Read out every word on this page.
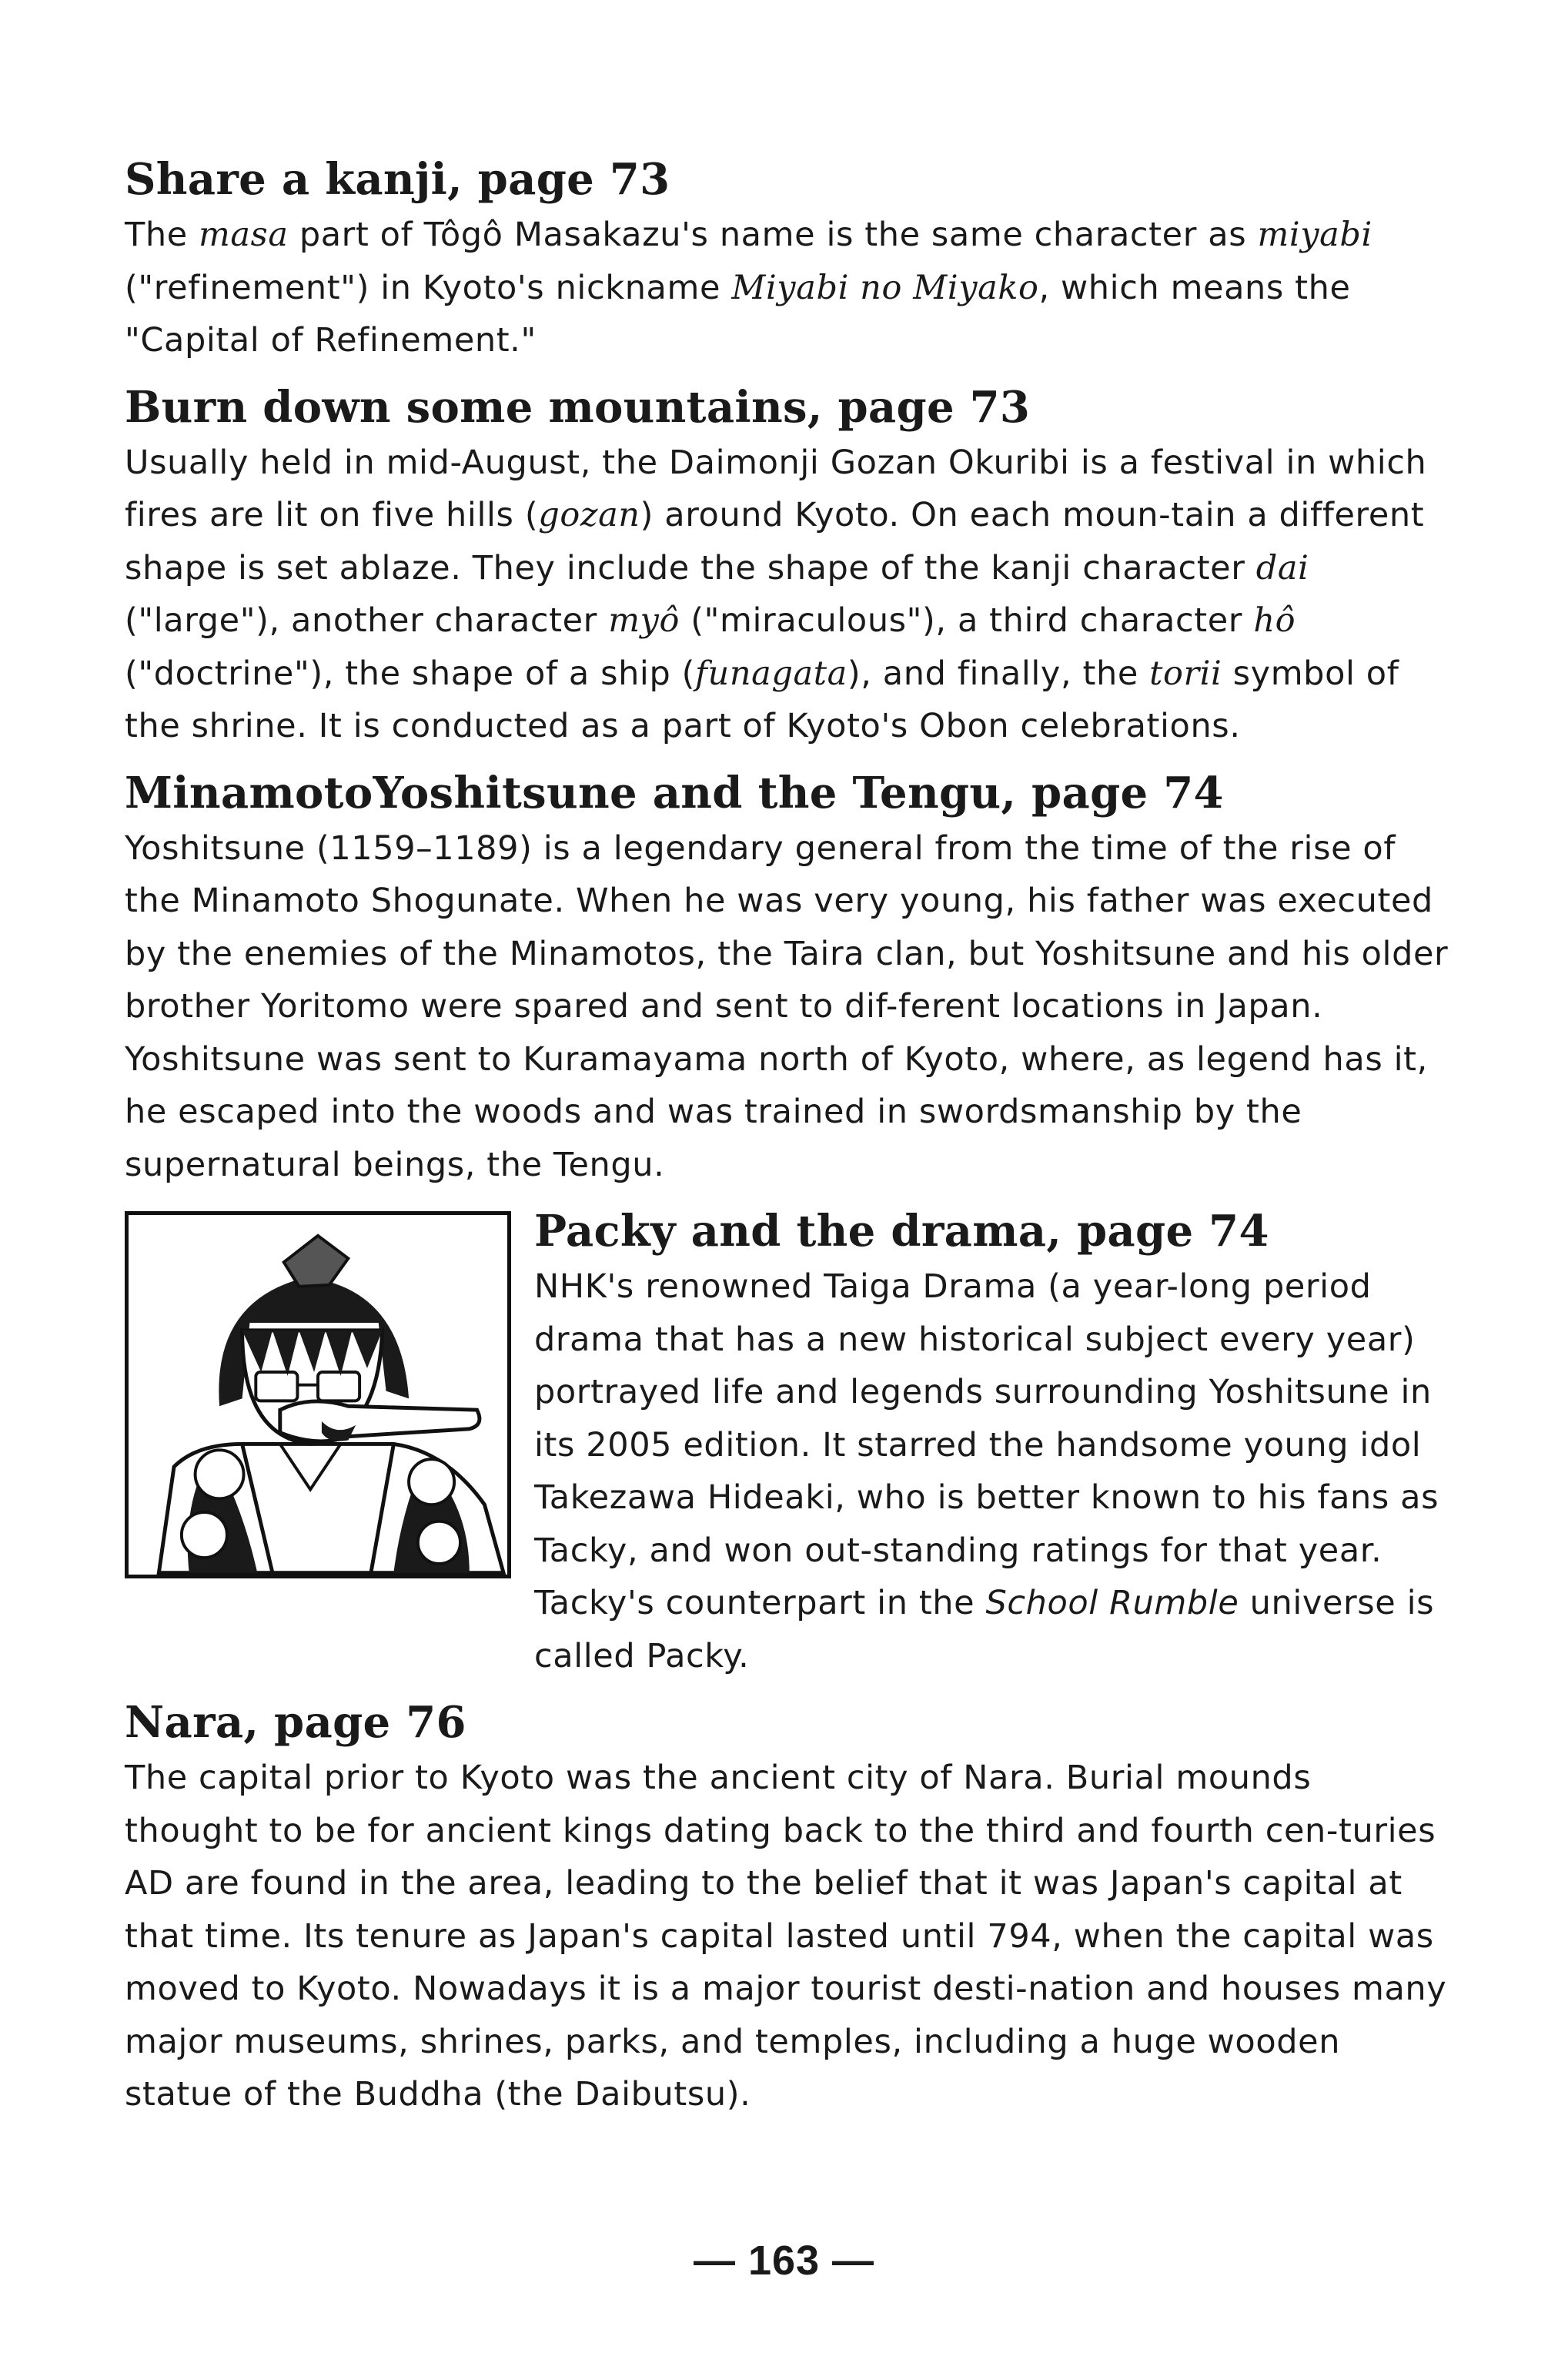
Share a kanji, page 73

The masa part of Tôgô Masakazu's name is the same character as miyabi ("refinement") in Kyoto's nickname Miyabi no Miyako, which means the "Capital of Refinement."

Burn down some mountains, page 73

Usually held in mid-August, the Daimonji Gozan Okuribi is a festival in which fires are lit on five hills (gozan) around Kyoto. On each moun-tain a different shape is set ablaze. They include the shape of the kanji character dai ("large"), another character myô ("miraculous"), a third character hô ("doctrine"), the shape of a ship (funagata), and finally, the torii symbol of the shrine. It is conducted as a part of Kyoto's Obon celebrations.

MinamotoYoshitsune and the Tengu, page 74

Yoshitsune (1159–1189) is a legendary general from the time of the rise of the Minamoto Shogunate. When he was very young, his father was executed by the enemies of the Minamotos, the Taira clan, but Yoshitsune and his older brother Yoritomo were spared and sent to dif-ferent locations in Japan. Yoshitsune was sent to Kuramayama north of Kyoto, where, as legend has it, he escaped into the woods and was trained in swordsmanship by the supernatural beings, the Tengu.

Packy and the drama, page 74

NHK's renowned Taiga Drama (a year-long period drama that has a new historical subject every year) portrayed life and legends surrounding Yoshitsune in its 2005 edition. It starred the handsome young idol Takezawa Hideaki, who is better known to his fans as Tacky, and won out-standing ratings for that year. Tacky's counterpart in the School Rumble universe is called Packy.

Nara, page 76

The capital prior to Kyoto was the ancient city of Nara. Burial mounds thought to be for ancient kings dating back to the third and fourth cen-turies AD are found in the area, leading to the belief that it was Japan's capital at that time. Its tenure as Japan's capital lasted until 794, when the capital was moved to Kyoto. Nowadays it is a major tourist desti-nation and houses many major museums, shrines, parks, and temples, including a huge wooden statue of the Buddha (the Daibutsu).

— 163 —
